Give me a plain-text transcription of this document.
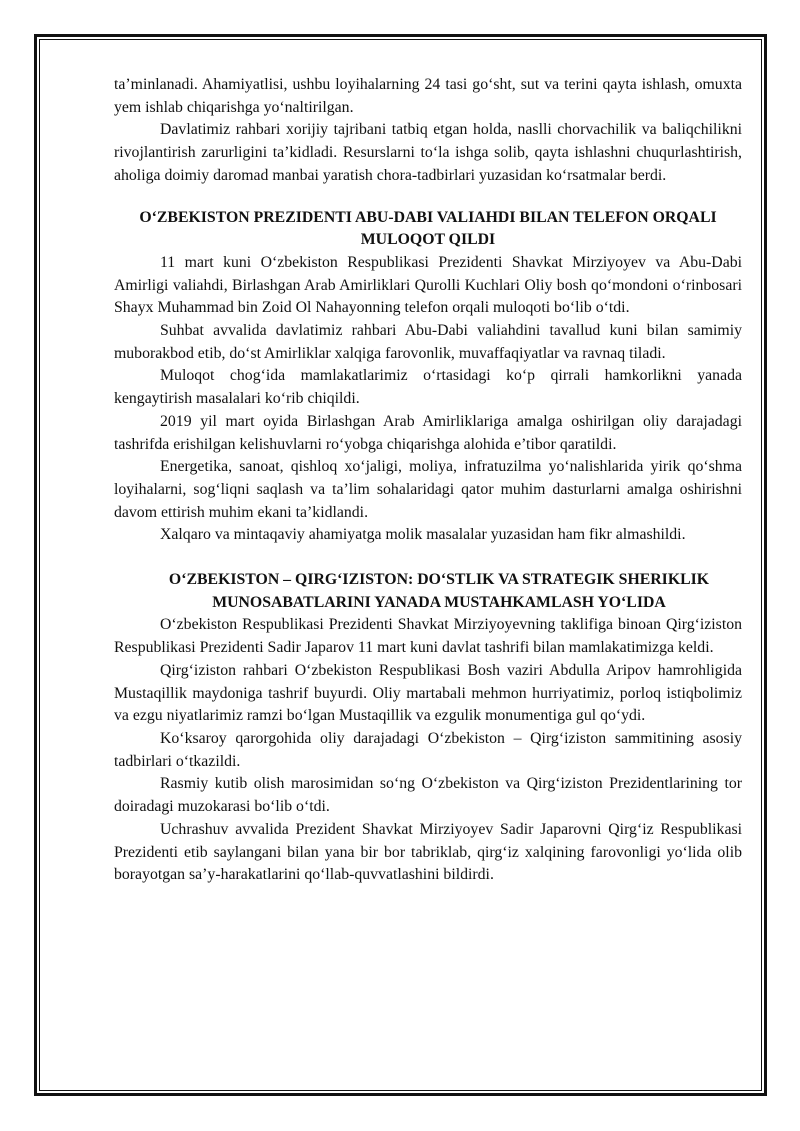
ta’minlanadi. Ahamiyatlisi, ushbu loyihalarning 24 tasi go‘sht, sut va terini qayta ishlash, omuxta yem ishlab chiqarishga yo‘naltirilgan.

Davlatimiz rahbari xorijiy tajribani tatbiq etgan holda, naslli chorvachilik va baliqchilikni rivojlantirish zarurligini ta’kidladi. Resurslarni to‘la ishga solib, qayta ishlashni chuqurlashtirish, aholiga doimiy daromad manbai yaratish chora-tadbirlari yuzasidan ko‘rsatmalar berdi.

O‘ZBEKISTON PREZIDENTI ABU-DABI VALIAHDI BILAN TELEFON ORQALI MULOQOT QILDI

11 mart kuni O‘zbekiston Respublikasi Prezidenti Shavkat Mirziyoyev va Abu-Dabi Amirligi valiahdi, Birlashgan Arab Amirliklari Qurolli Kuchlari Oliy bosh qo‘mondoni o‘rinbosari Shayx Muhammad bin Zoid Ol Nahayonning telefon orqali muloqoti bo‘lib o‘tdi.

Suhbat avvalida davlatimiz rahbari Abu-Dabi valiahdini tavallud kuni bilan samimiy muborakbod etib, do‘st Amirliklar xalqiga farovonlik, muvaffaqiyatlar va ravnaq tiladi.

Muloqot chog‘ida mamlakatlarimiz o‘rtasidagi ko‘p qirrali hamkorlikni yanada kengaytirish masalalari ko‘rib chiqildi.

2019 yil mart oyida Birlashgan Arab Amirliklariga amalga oshirilgan oliy darajadagi tashrifda erishilgan kelishuvlarni ro‘yobga chiqarishga alohida e’tibor qaratildi.

Energetika, sanoat, qishloq xo‘jaligi, moliya, infratuzilma yo‘nalishlarida yirik qo‘shma loyihalarni, sog‘liqni saqlash va ta’lim sohalaridagi qator muhim dasturlarni amalga oshirishni davom ettirish muhim ekani ta’kidlandi.

Xalqaro va mintaqaviy ahamiyatga molik masalalar yuzasidan ham fikr almashildi.

O‘ZBEKISTON – QIRG‘IZISTON: DO‘STLIK VA STRATEGIK SHERIKLIK MUNOSABATLARINI YANADA MUSTAHKAMLASH YO‘LIDA

O‘zbekiston Respublikasi Prezidenti Shavkat Mirziyoyevning taklifiga binoan Qirg‘iziston Respublikasi Prezidenti Sadir Japarov 11 mart kuni davlat tashrifi bilan mamlakatimizga keldi.

Qirg‘iziston rahbari O‘zbekiston Respublikasi Bosh vaziri Abdulla Aripov hamrohligida Mustaqillik maydoniga tashrif buyurdi. Oliy martabali mehmon hurriyatimiz, porloq istiqbolimiz va ezgu niyatlarimiz ramzi bo‘lgan Mustaqillik va ezgulik monumentiga gul qo‘ydi.

Ko‘ksaroy qarorgohida oliy darajadagi O‘zbekiston – Qirg‘iziston sammitining asosiy tadbirlari o‘tkazildi.

Rasmiy kutib olish marosimidan so‘ng O‘zbekiston va Qirg‘iziston Prezidentlarining tor doiradagi muzokarasi bo‘lib o‘tdi.

Uchrashuv avvalida Prezident Shavkat Mirziyoyev Sadir Japarovni Qirg‘iz Respublikasi Prezidenti etib saylangani bilan yana bir bor tabriklab, qirg‘iz xalqining farovonligi yo‘lida olib borayotgan sa’y-harakatlarini qo‘llab-quvvatlashini bildirdi.
